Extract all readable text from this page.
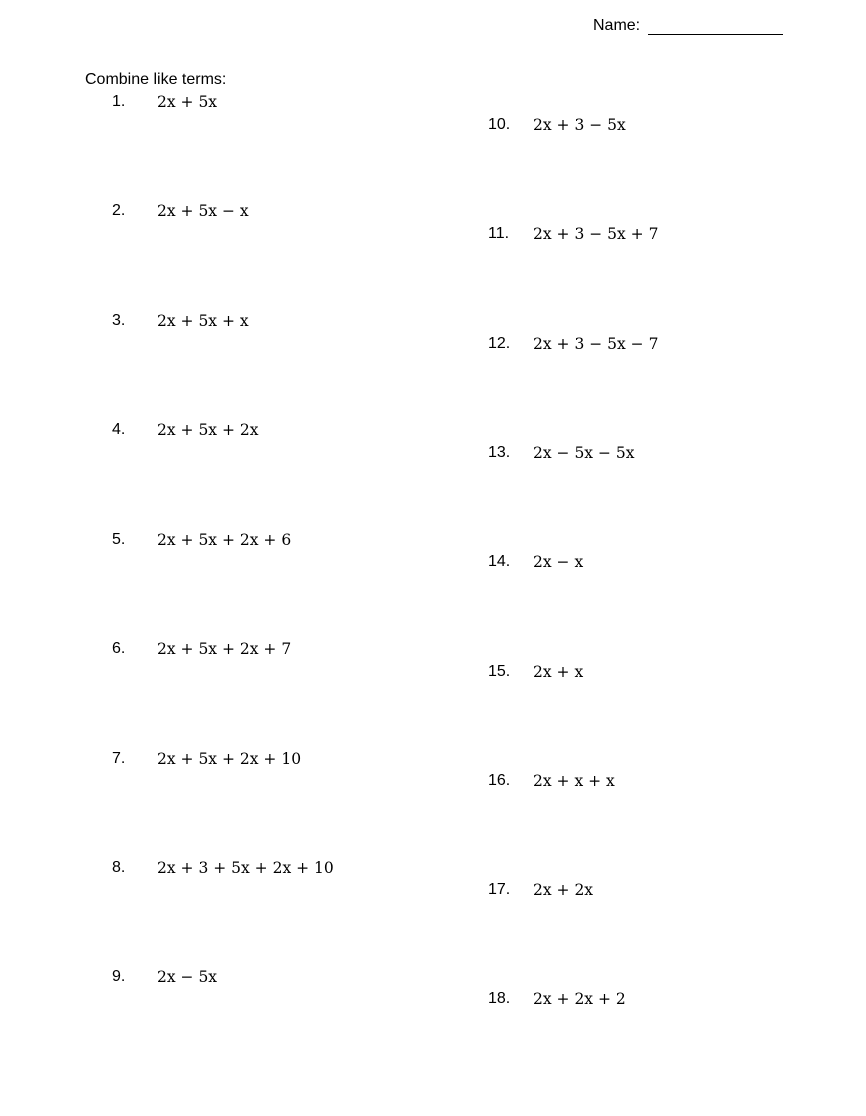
Name:
Combine like terms:
1. 2x + 5x
2. 2x + 5x − x
3. 2x + 5x + x
4. 2x + 5x + 2x
5. 2x + 5x + 2x + 6
6. 2x + 5x + 2x + 7
7. 2x + 5x + 2x + 10
8. 2x + 3 + 5x + 2x + 10
9. 2x − 5x
10. 2x + 3 − 5x
11. 2x + 3 − 5x + 7
12. 2x + 3 − 5x − 7
13. 2x − 5x − 5x
14. 2x − x
15. 2x + x
16. 2x + x + x
17. 2x + 2x
18. 2x + 2x + 2
